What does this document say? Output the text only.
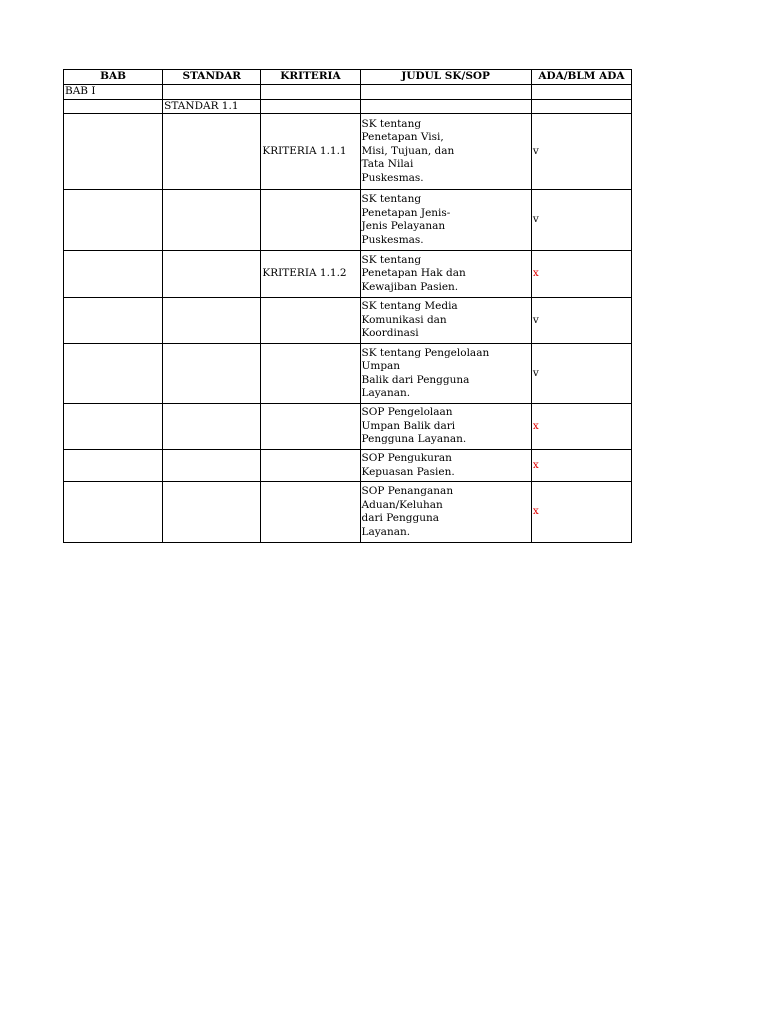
BAB	STANDAR	KRITERIA	JUDUL SK/SOP	ADA/BLM ADA
BAB I				
	STANDAR 1.1			
		KRITERIA 1.1.1	SK tentang
Penetapan Visi,
Misi, Tujuan, dan
Tata Nilai
Puskesmas.	v
			SK tentang
Penetapan Jenis-
Jenis Pelayanan
Puskesmas.	v
		KRITERIA 1.1.2	SK tentang
Penetapan Hak dan
Kewajiban Pasien.	x
			SK tentang Media
Komunikasi dan
Koordinasi	v
			SK tentang Pengelolaan
Umpan
Balik dari Pengguna
Layanan.	v
			SOP Pengelolaan
Umpan Balik dari
Pengguna Layanan.	x
			SOP Pengukuran
Kepuasan Pasien.	x
			SOP Penanganan
Aduan/Keluhan
dari Pengguna
Layanan.	x
